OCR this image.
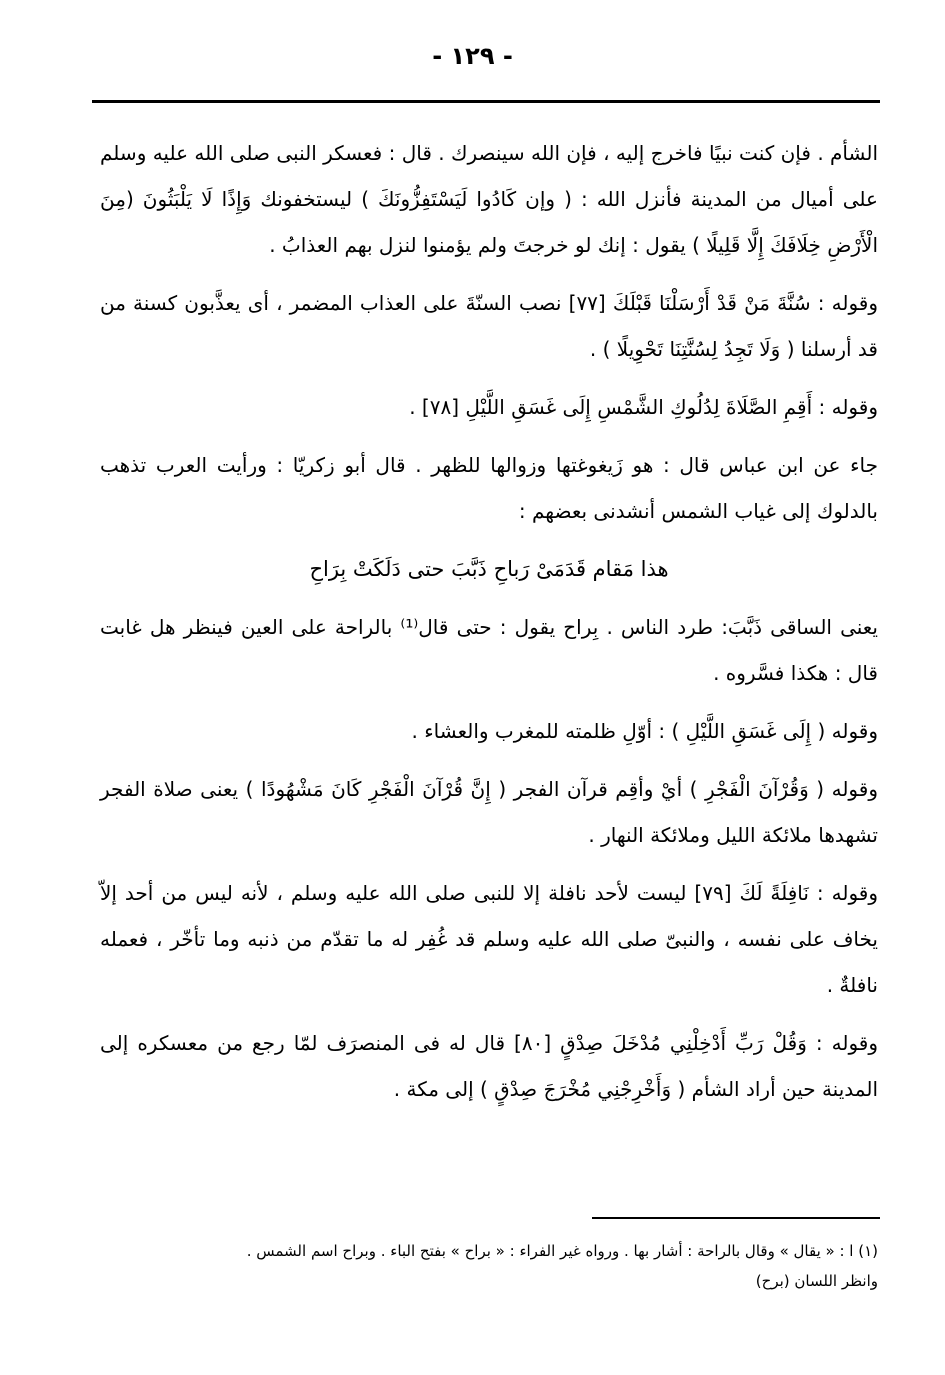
- ١٢٩ -

الشأم . فإن كنت نبيًا فاخرج إليه ، فإن الله سينصرك . قال : فعسكر النبى صلى الله عليه وسلم على أميال من المدينة فأنزل الله : ( وإن كَادُوا لَيَسْتَفِزُّونَكَ ) ليستخفونك وَإِذًا لَا يَلْبَثُونَ (مِنَ الْأَرْضِ خِلَافَكَ إِلَّا قَلِيلًا ) يقول : إنك لو خرجتَ ولم يؤمنوا لنزل بهم العذابُ .

وقوله : سُنَّةَ مَنْ قَدْ أَرْسَلْنَا قَبْلَكَ [٧٧] نصب السنّةَ على العذاب المضمر ، أى يعذَّبون كسنة من قد أرسلنا ( وَلَا تَجِدُ لِسُنَّتِنَا تَحْوِيلًا ) .

وقوله : أَقِمِ الصَّلَاةَ لِدُلُوكِ الشَّمْسِ إِلَى غَسَقِ اللَّيْلِ [٧٨] .

جاء عن ابن عباس قال : هو زَيغوغتها وزوالها للظهر . قال أبو زكريّا : ورأيت العرب تذهب بالدلوك إلى غياب الشمس أنشدنى بعضهم :

هذا مَقام قَدَمَىْ رَباحِ ذَبَّبَ حتى دَلَكَتْ بِرَاحِ

يعنى الساقى ذَبَّبَ: طرد الناس . بِراح يقول : حتى قال⁽¹⁾ بالراحة على العين فينظر هل غابت قال : هكذا فسَّروه .

وقوله ( إِلَى غَسَقِ اللَّيْلِ ) : أوّلِ ظلمته للمغرب والعشاء .

وقوله ( وَقُرْآنَ الْفَجْرِ ) أيْ وأقِم قرآن الفجر ( إِنَّ قُرْآنَ الْفَجْرِ كَانَ مَشْهُودًا ) يعنى صلاة الفجر تشهدها ملائكة الليل وملائكة النهار .

وقوله : نَافِلَةً لَكَ [٧٩] ليست لأحد نافلة إلا للنبى صلى الله عليه وسلم ، لأنه ليس من أحد إلاّ يخاف على نفسه ، والنبىّ صلى الله عليه وسلم قد غُفِر له ما تقدّم من ذنبه وما تأخّر ، فعمله نافلةٌ .

وقوله : وَقُلْ رَبِّ أَدْخِلْنِي مُدْخَلَ صِدْقٍ [٨٠] قال له فى المنصرَف لمّا رجع من معسكره إلى المدينة حين أراد الشأم ( وَأَخْرِجْنِي مُخْرَجَ صِدْقٍ ) إلى مكة .

(١) ا : « يقال » وقال بالراحة : أشار بها . ورواه غير الفراء : « براح » بفتح الباء . وبراح اسم الشمس .

وانظر اللسان (برح)
